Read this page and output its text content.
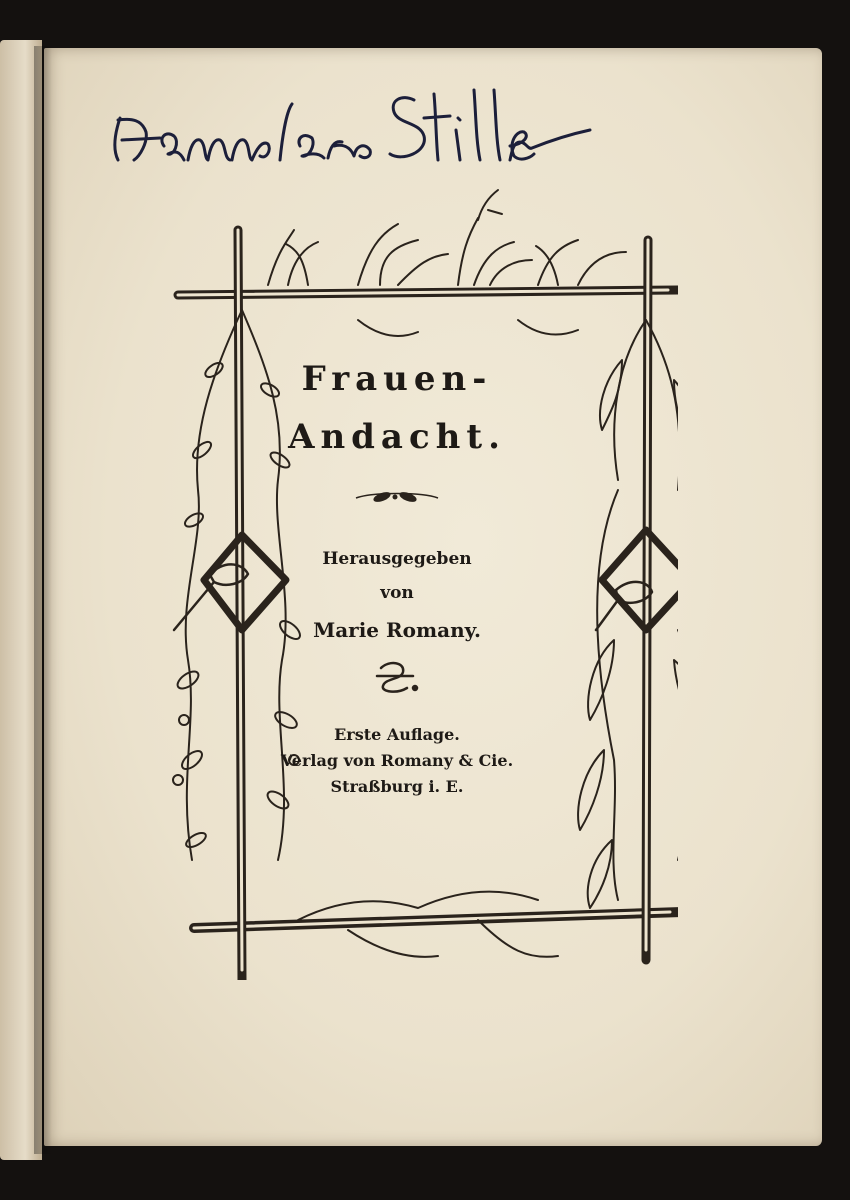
Frauen-
Andacht.
Herausgegeben
von
Marie Romany.
Erste Auflage.
Verlag von Romany & Cie.
Straßburg i. E.
